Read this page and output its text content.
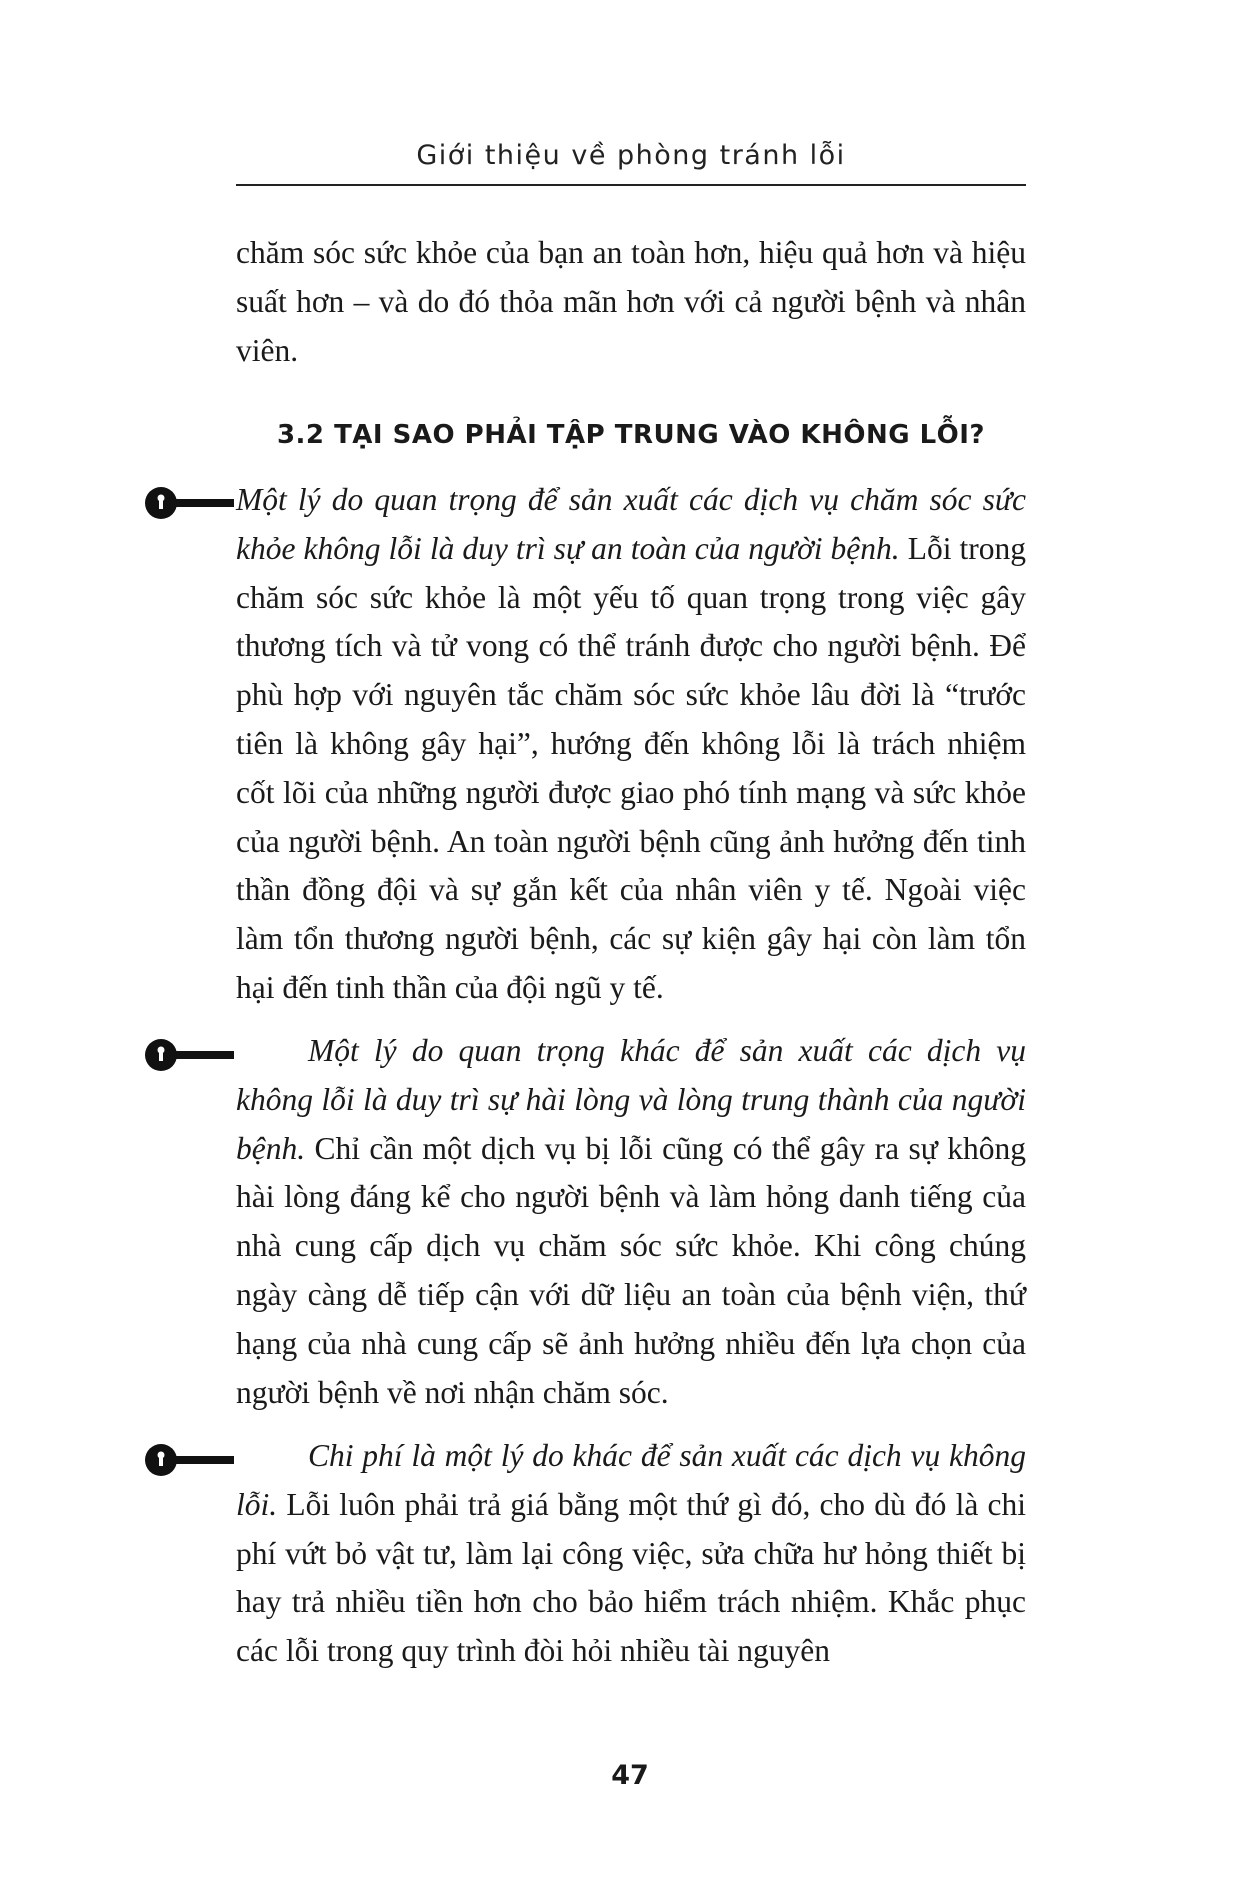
Giới thiệu về phòng tránh lỗi

chăm sóc sức khỏe của bạn an toàn hơn, hiệu quả hơn và hiệu suất hơn – và do đó thỏa mãn hơn với cả người bệnh và nhân viên.

3.2 TẠI SAO PHẢI TẬP TRUNG VÀO KHÔNG LỖI?

Một lý do quan trọng để sản xuất các dịch vụ chăm sóc sức khỏe không lỗi là duy trì sự an toàn của người bệnh. Lỗi trong chăm sóc sức khỏe là một yếu tố quan trọng trong việc gây thương tích và tử vong có thể tránh được cho người bệnh. Để phù hợp với nguyên tắc chăm sóc sức khỏe lâu đời là “trước tiên là không gây hại”, hướng đến không lỗi là trách nhiệm cốt lõi của những người được giao phó tính mạng và sức khỏe của người bệnh. An toàn người bệnh cũng ảnh hưởng đến tinh thần đồng đội và sự gắn kết của nhân viên y tế. Ngoài việc làm tổn thương người bệnh, các sự kiện gây hại còn làm tổn hại đến tinh thần của đội ngũ y tế.

Một lý do quan trọng khác để sản xuất các dịch vụ không lỗi là duy trì sự hài lòng và lòng trung thành của người bệnh. Chỉ cần một dịch vụ bị lỗi cũng có thể gây ra sự không hài lòng đáng kể cho người bệnh và làm hỏng danh tiếng của nhà cung cấp dịch vụ chăm sóc sức khỏe. Khi công chúng ngày càng dễ tiếp cận với dữ liệu an toàn của bệnh viện, thứ hạng của nhà cung cấp sẽ ảnh hưởng nhiều đến lựa chọn của người bệnh về nơi nhận chăm sóc.

Chi phí là một lý do khác để sản xuất các dịch vụ không lỗi. Lỗi luôn phải trả giá bằng một thứ gì đó, cho dù đó là chi phí vứt bỏ vật tư, làm lại công việc, sửa chữa hư hỏng thiết bị hay trả nhiều tiền hơn cho bảo hiểm trách nhiệm. Khắc phục các lỗi trong quy trình đòi hỏi nhiều tài nguyên

47
